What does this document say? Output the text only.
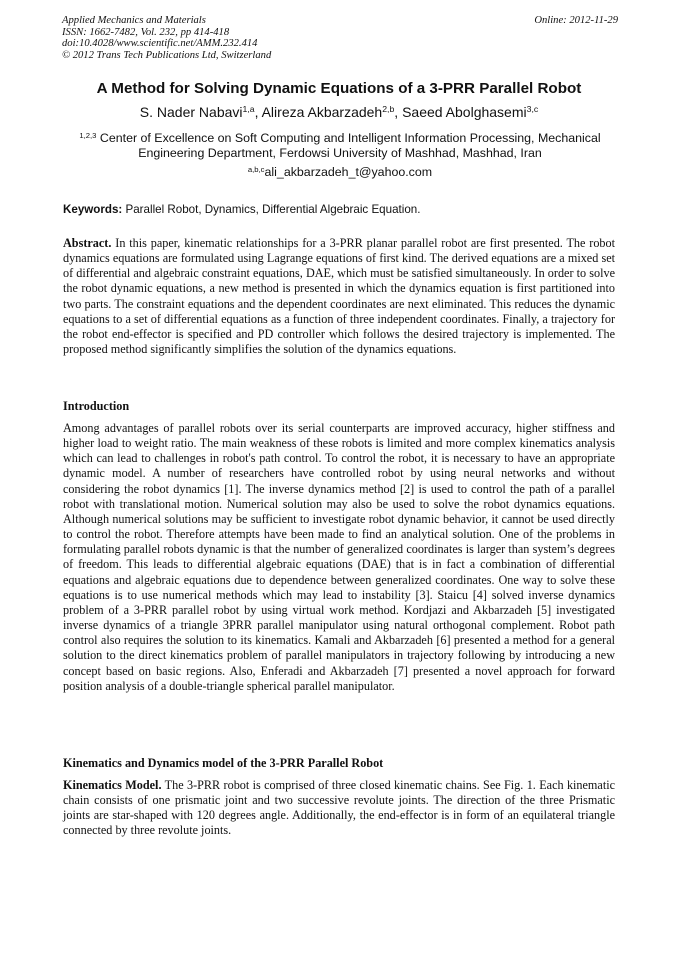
Applied Mechanics and Materials
ISSN: 1662-7482, Vol. 232, pp 414-418
doi:10.4028/www.scientific.net/AMM.232.414
© 2012 Trans Tech Publications Ltd, Switzerland
Online: 2012-11-29
A Method for Solving Dynamic Equations of a 3-PRR Parallel Robot
S. Nader Nabavi$^{1,a}$, Alireza Akbarzadeh$^{2,b}$, Saeed Abolghasemi$^{3,c}$
$^{1,2,3}$ Center of Excellence on Soft Computing and Intelligent Information Processing, Mechanical Engineering Department, Ferdowsi University of Mashhad, Mashhad, Iran
$^{a,b,c}$ali_akbarzadeh_t@yahoo.com
Keywords: Parallel Robot, Dynamics, Differential Algebraic Equation.
Abstract. In this paper, kinematic relationships for a 3-PRR planar parallel robot are first presented. The robot dynamics equations are formulated using Lagrange equations of first kind. The derived equations are a mixed set of differential and algebraic constraint equations, DAE, which must be satisfied simultaneously. In order to solve the robot dynamic equations, a new method is presented in which the dynamics equation is first partitioned into two parts. The constraint equations and the dependent coordinates are next eliminated. This reduces the dynamic equations to a set of differential equations as a function of three independent coordinates. Finally, a trajectory for the robot end-effector is specified and PD controller which follows the desired trajectory is implemented. The proposed method significantly simplifies the solution of the dynamics equations.
Introduction
Among advantages of parallel robots over its serial counterparts are improved accuracy, higher stiffness and higher load to weight ratio. The main weakness of these robots is limited and more complex kinematics analysis which can lead to challenges in robot's path control. To control the robot, it is necessary to have an appropriate dynamic model. A number of researchers have controlled robot by using neural networks and without considering the robot dynamics [1]. The inverse dynamics method [2] is used to control the path of a parallel robot with translational motion. Numerical solution may also be used to solve the robot dynamics equations. Although numerical solutions may be sufficient to investigate robot dynamic behavior, it cannot be used directly to control the robot. Therefore attempts have been made to find an analytical solution. One of the problems in formulating parallel robots dynamic is that the number of generalized coordinates is larger than system’s degrees of freedom. This leads to differential algebraic equations (DAE) that is in fact a combination of differential equations and algebraic equations due to dependence between generalized coordinates. One way to solve these equations is to use numerical methods which may lead to instability [3]. Staicu [4] solved inverse dynamics problem of a 3-PRR parallel robot by using virtual work method. Kordjazi and Akbarzadeh [5] investigated inverse dynamics of a triangle 3PRR parallel manipulator using natural orthogonal complement. Robot path control also requires the solution to its kinematics. Kamali and Akbarzadeh [6] presented a method for a general solution to the direct kinematics problem of parallel manipulators in trajectory following by introducing a new concept based on basic regions. Also, Enferadi and Akbarzadeh [7] presented a novel approach for forward position analysis of a double-triangle spherical parallel manipulator.
Kinematics and Dynamics model of the 3-PRR Parallel Robot
Kinematics Model. The 3-PRR robot is comprised of three closed kinematic chains. See Fig. 1. Each kinematic chain consists of one prismatic joint and two successive revolute joints. The direction of the three Prismatic joints are star-shaped with 120 degrees angle. Additionally, the end-effector is in form of an equilateral triangle connected by three revolute joints.
